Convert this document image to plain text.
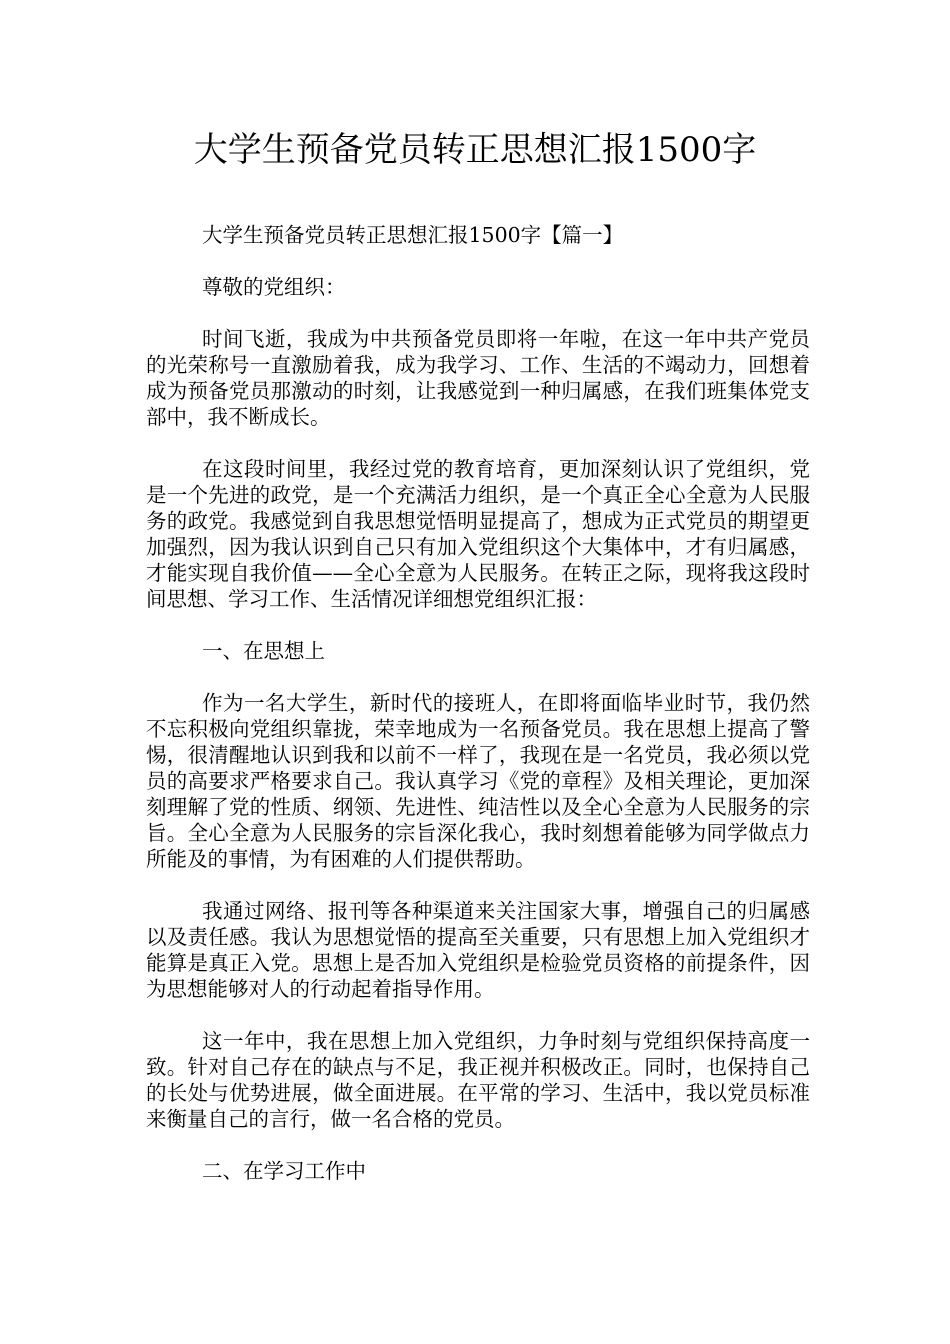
大学生预备党员转正思想汇报1500字

大学生预备党员转正思想汇报1500字【篇一】

尊敬的党组织：

时间飞逝，我成为中共预备党员即将一年啦，在这一年中共产党员的光荣称号一直激励着我，成为我学习、工作、生活的不竭动力，回想着成为预备党员那激动的时刻，让我感觉到一种归属感，在我们班集体党支部中，我不断成长。

在这段时间里，我经过党的教育培育，更加深刻认识了党组织，党是一个先进的政党，是一个充满活力组织，是一个真正全心全意为人民服务的政党。我感觉到自我思想觉悟明显提高了，想成为正式党员的期望更加强烈，因为我认识到自己只有加入党组织这个大集体中，才有归属感，才能实现自我价值——全心全意为人民服务。在转正之际，现将我这段时间思想、学习工作、生活情况详细想党组织汇报：

一、在思想上

作为一名大学生，新时代的接班人，在即将面临毕业时节，我仍然不忘积极向党组织靠拢，荣幸地成为一名预备党员。我在思想上提高了警惕，很清醒地认识到我和以前不一样了，我现在是一名党员，我必须以党员的高要求严格要求自己。我认真学习《党的章程》及相关理论，更加深刻理解了党的性质、纲领、先进性、纯洁性以及全心全意为人民服务的宗旨。全心全意为人民服务的宗旨深化我心，我时刻想着能够为同学做点力所能及的事情，为有困难的人们提供帮助。

我通过网络、报刊等各种渠道来关注国家大事，增强自己的归属感以及责任感。我认为思想觉悟的提高至关重要，只有思想上加入党组织才能算是真正入党。思想上是否加入党组织是检验党员资格的前提条件，因为思想能够对人的行动起着指导作用。

这一年中，我在思想上加入党组织，力争时刻与党组织保持高度一致。针对自己存在的缺点与不足，我正视并积极改正。同时，也保持自己的长处与优势进展，做全面进展。在平常的学习、生活中，我以党员标准来衡量自己的言行，做一名合格的党员。

二、在学习工作中
